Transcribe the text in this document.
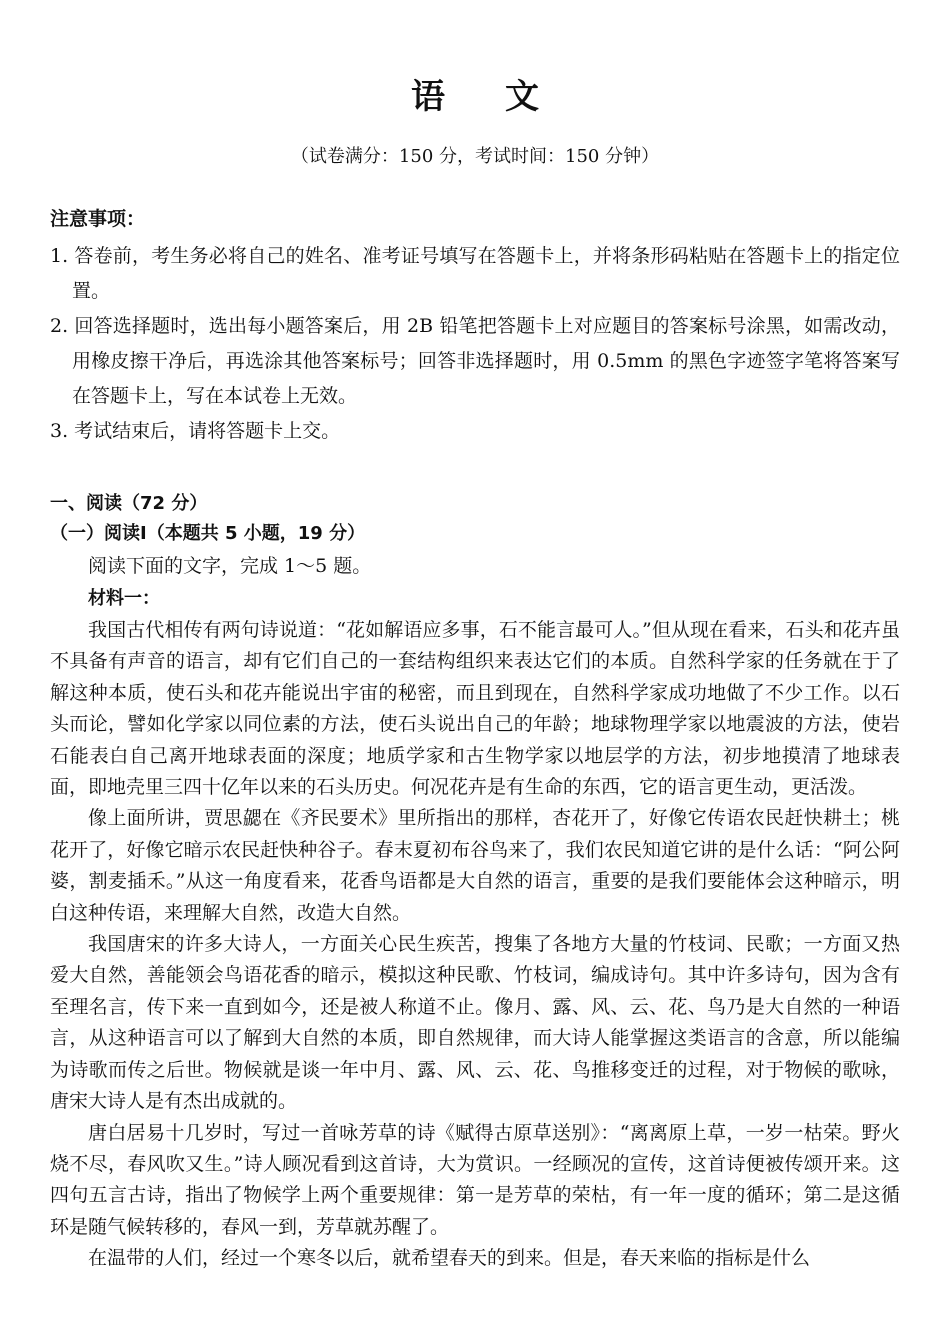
语文
（试卷满分：150 分，考试时间：150 分钟）
注意事项：
1. 答卷前，考生务必将自己的姓名、准考证号填写在答题卡上，并将条形码粘贴在答题卡上的指定位置。
2. 回答选择题时，选出每小题答案后，用 2B 铅笔把答题卡上对应题目的答案标号涂黑，如需改动，用橡皮擦干净后，再选涂其他答案标号；回答非选择题时，用 0.5mm 的黑色字迹签字笔将答案写在答题卡上，写在本试卷上无效。
3. 考试结束后，请将答题卡上交。
一、阅读（72 分）
（一）阅读Ⅰ（本题共 5 小题，19 分）
阅读下面的文字，完成 1～5 题。
材料一：

我国古代相传有两句诗说道：“花如解语应多事，石不能言最可人。”但从现在看来，石头和花卉虽不具备有声音的语言，却有它们自己的一套结构组织来表达它们的本质。自然科学家的任务就在于了解这种本质，使石头和花卉能说出宇宙的秘密，而且到现在，自然科学家成功地做了不少工作。以石头而论，譬如化学家以同位素的方法，使石头说出自己的年龄；地球物理学家以地震波的方法，使岩石能表白自己离开地球表面的深度；地质学家和古生物学家以地层学的方法，初步地摸清了地球表面，即地壳里三四十亿年以来的石头历史。何况花卉是有生命的东西，它的语言更生动，更活泼。

像上面所讲，贾思勰在《齐民要术》里所指出的那样，杏花开了，好像它传语农民赶快耕土；桃花开了，好像它暗示农民赶快种谷子。春末夏初布谷鸟来了，我们农民知道它讲的是什么话：“阿公阿婆，割麦插禾。”从这一角度看来，花香鸟语都是大自然的语言，重要的是我们要能体会这种暗示，明白这种传语，来理解大自然，改造大自然。

我国唐宋的许多大诗人，一方面关心民生疾苦，搜集了各地方大量的竹枝词、民歌；一方面又热爱大自然，善能领会鸟语花香的暗示，模拟这种民歌、竹枝词，编成诗句。其中许多诗句，因为含有至理名言，传下来一直到如今，还是被人称道不止。像月、露、风、云、花、鸟乃是大自然的一种语言，从这种语言可以了解到大自然的本质，即自然规律，而大诗人能掌握这类语言的含意，所以能编为诗歌而传之后世。物候就是谈一年中月、露、风、云、花、鸟推移变迁的过程，对于物候的歌咏，唐宋大诗人是有杰出成就的。

唐白居易十几岁时，写过一首咏芳草的诗《赋得古原草送别》：“离离原上草，一岁一枯荣。野火烧不尽，春风吹又生。”诗人顾况看到这首诗，大为赏识。一经顾况的宣传，这首诗便被传颂开来。这四句五言古诗，指出了物候学上两个重要规律：第一是芳草的荣枯，有一年一度的循环；第二是这循环是随气候转移的，春风一到，芳草就苏醒了。

在温带的人们，经过一个寒冬以后，就希望春天的到来。但是，春天来临的指标是什么
